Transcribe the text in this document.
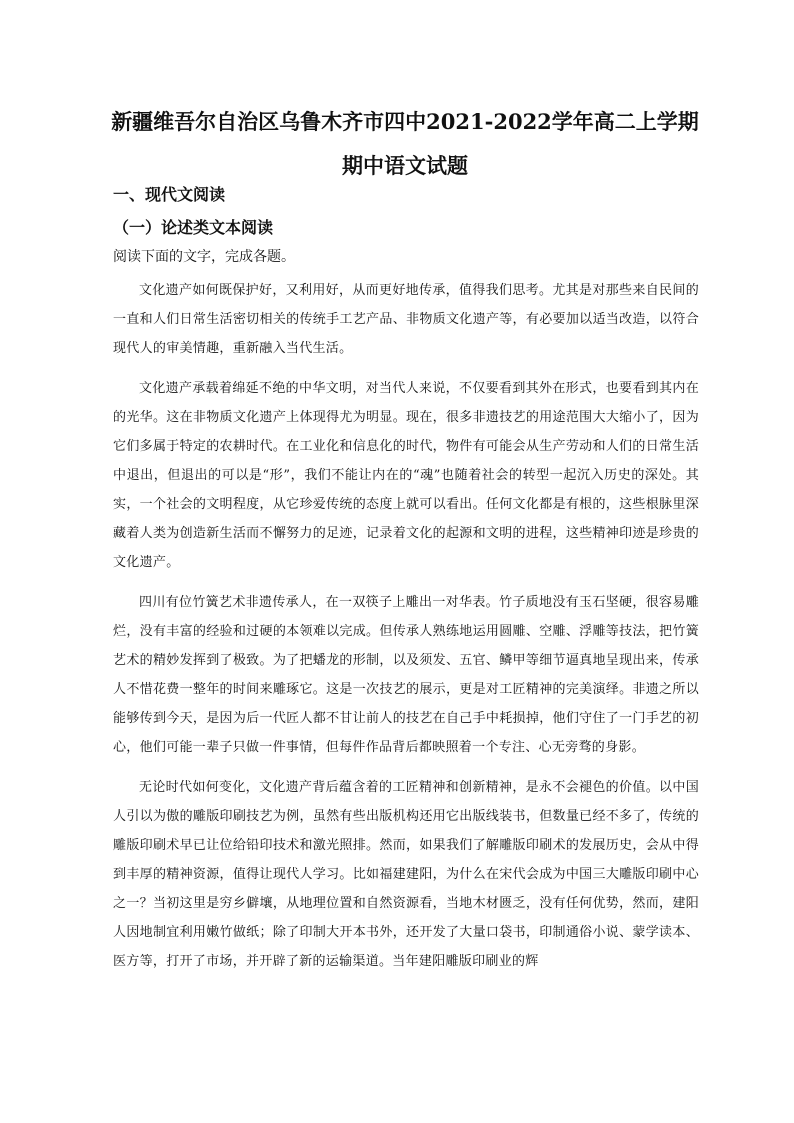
新疆维吾尔自治区乌鲁木齐市四中2021-2022学年高二上学期期中语文试题
一、现代文阅读
（一）论述类文本阅读

阅读下面的文字，完成各题。

文化遗产如何既保护好，又利用好，从而更好地传承，值得我们思考。尤其是对那些来自民间的一直和人们日常生活密切相关的传统手工艺产品、非物质文化遗产等，有必要加以适当改造，以符合现代人的审美情趣，重新融入当代生活。

文化遗产承载着绵延不绝的中华文明，对当代人来说，不仅要看到其外在形式，也要看到其内在的光华。这在非物质文化遗产上体现得尤为明显。现在，很多非遗技艺的用途范围大大缩小了，因为它们多属于特定的农耕时代。在工业化和信息化的时代，物件有可能会从生产劳动和人们的日常生活中退出，但退出的可以是“形”，我们不能让内在的“魂”也随着社会的转型一起沉入历史的深处。其实，一个社会的文明程度，从它珍爱传统的态度上就可以看出。任何文化都是有根的，这些根脉里深藏着人类为创造新生活而不懈努力的足迹，记录着文化的起源和文明的进程，这些精神印迹是珍贵的文化遗产。

四川有位竹簧艺术非遗传承人，在一双筷子上雕出一对华表。竹子质地没有玉石坚硬，很容易雕烂，没有丰富的经验和过硬的本领难以完成。但传承人熟练地运用圆雕、空雕、浮雕等技法，把竹簧艺术的精妙发挥到了极致。为了把蟠龙的形制，以及须发、五官、鳞甲等细节逼真地呈现出来，传承人不惜花费一整年的时间来雕琢它。这是一次技艺的展示，更是对工匠精神的完美演绎。非遗之所以能够传到今天，是因为后一代匠人都不甘让前人的技艺在自己手中耗损掉，他们守住了一门手艺的初心，他们可能一辈子只做一件事情，但每件作品背后都映照着一个专注、心无旁骛的身影。

无论时代如何变化，文化遗产背后蕴含着的工匠精神和创新精神，是永不会褪色的价值。以中国人引以为傲的雕版印刷技艺为例，虽然有些出版机构还用它出版线装书，但数量已经不多了，传统的雕版印刷术早已让位给铅印技术和激光照排。然而，如果我们了解雕版印刷术的发展历史，会从中得到丰厚的精神资源，值得让现代人学习。比如福建建阳，为什么在宋代会成为中国三大雕版印刷中心之一？当初这里是穷乡僻壤，从地理位置和自然资源看，当地木材匮乏，没有任何优势，然而，建阳人因地制宜利用嫩竹做纸；除了印制大开本书外，还开发了大量口袋书，印制通俗小说、蒙学读本、医方等，打开了市场，并开辟了新的运输渠道。当年建阳雕版印刷业的辉
